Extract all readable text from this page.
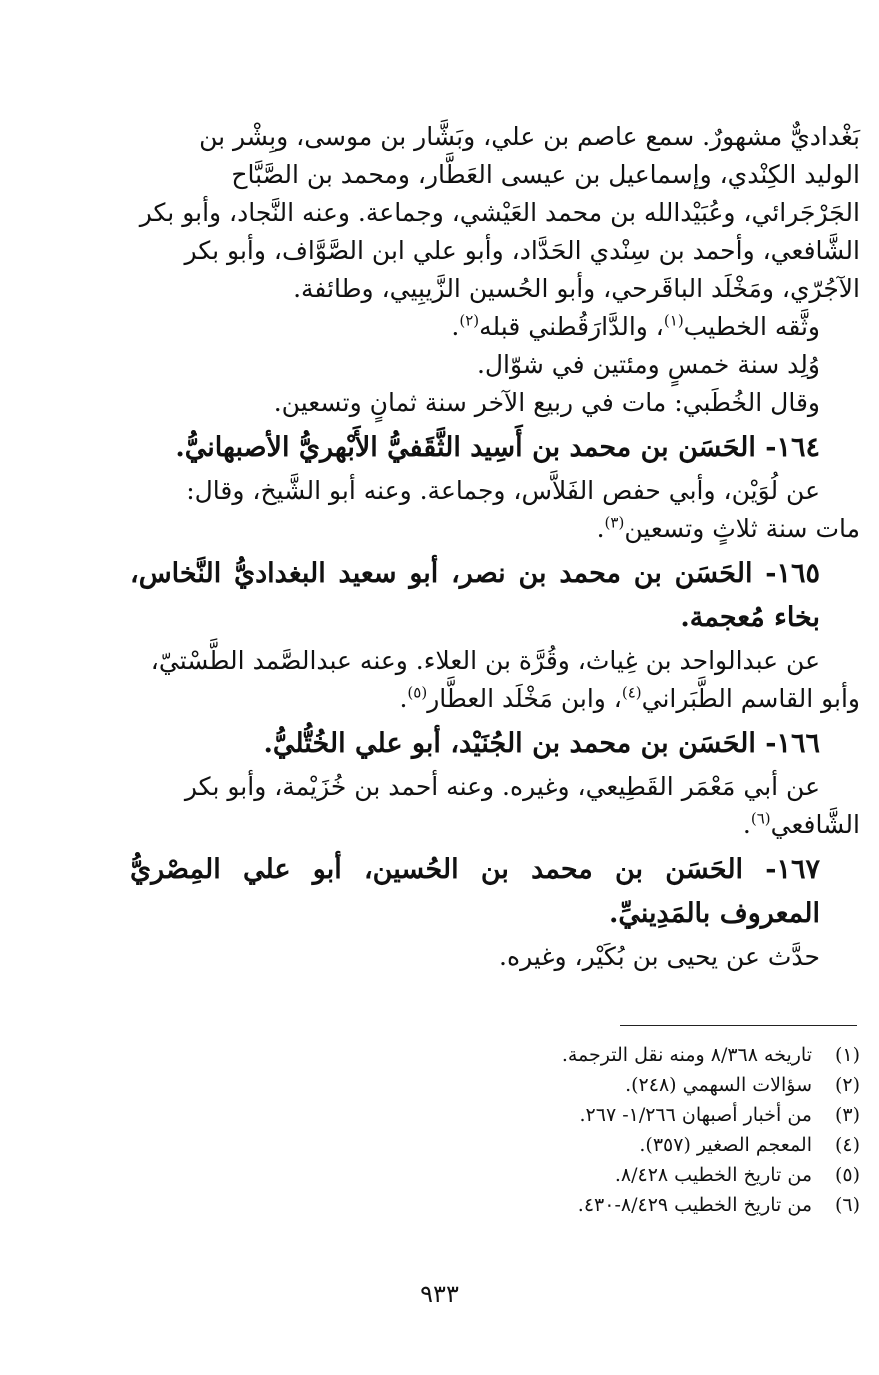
بَغْداديٌّ مشهورٌ. سمع عاصم بن علي، وبَشَّار بن موسى، وبِشْر بن

الوليد الكِنْدي، وإسماعيل بن عيسى العَطَّار، ومحمد بن الصَّبَّاح

الجَرْجَرائي، وعُبَيْدالله بن محمد العَيْشي، وجماعة. وعنه النَّجاد، وأبو بكر

الشَّافعي، وأحمد بن سِنْدي الحَدَّاد، وأبو علي ابن الصَّوَّاف، وأبو بكر

الآجُرّي، ومَخْلَد الباقَرحي، وأبو الحُسين الزَّيبِيي، وطائفة.

وثَّقه الخطيب$^{(١)}$، والدَّارَقُطني قبله$^{(٢)}$.

وُلِد سنة خمسٍ ومئتين في شوّال.

وقال الخُطَبي: مات في ربيع الآخر سنة ثمانٍ وتسعين.

١٦٤- الحَسَن بن محمد بن أَسِيد الثَّقَفيُّ الأَبْهريُّ الأصبهانيُّ.

عن لُوَيْن، وأبي حفص الفَلاَّس، وجماعة. وعنه أبو الشَّيخ، وقال:

مات سنة ثلاثٍ وتسعين$^{(٣)}$.

١٦٥- الحَسَن بن محمد بن نصر، أبو سعيد البغداديُّ النَّخاس، بخاء مُعجمة.

عن عبدالواحد بن غِياث، وقُرَّة بن العلاء. وعنه عبدالصَّمد الطَّسْتيّ،

وأبو القاسم الطَّبَراني$^{(٤)}$، وابن مَخْلَد العطَّار$^{(٥)}$.

١٦٦- الحَسَن بن محمد بن الجُنَيْد، أبو علي الخُتُّليُّ.

عن أبي مَعْمَر القَطِيعي، وغيره. وعنه أحمد بن خُزَيْمة، وأبو بكر

الشَّافعي$^{(٦)}$.

١٦٧- الحَسَن بن محمد بن الحُسين، أبو علي المِصْريُّ المعروف بالمَدِينيِّ.

حدَّث عن يحيى بن بُكَيْر، وغيره.

(١)تاريخه ٨/٣٦٨ ومنه نقل الترجمة.

(٢)سؤالات السهمي (٢٤٨).

(٣)من أخبار أصبهان ١/٢٦٦- ٢٦٧.

(٤)المعجم الصغير (٣٥٧).

(٥)من تاريخ الخطيب ٨/٤٢٨.

(٦)من تاريخ الخطيب ٨/٤٢٩-٤٣٠.

٩٣٣
